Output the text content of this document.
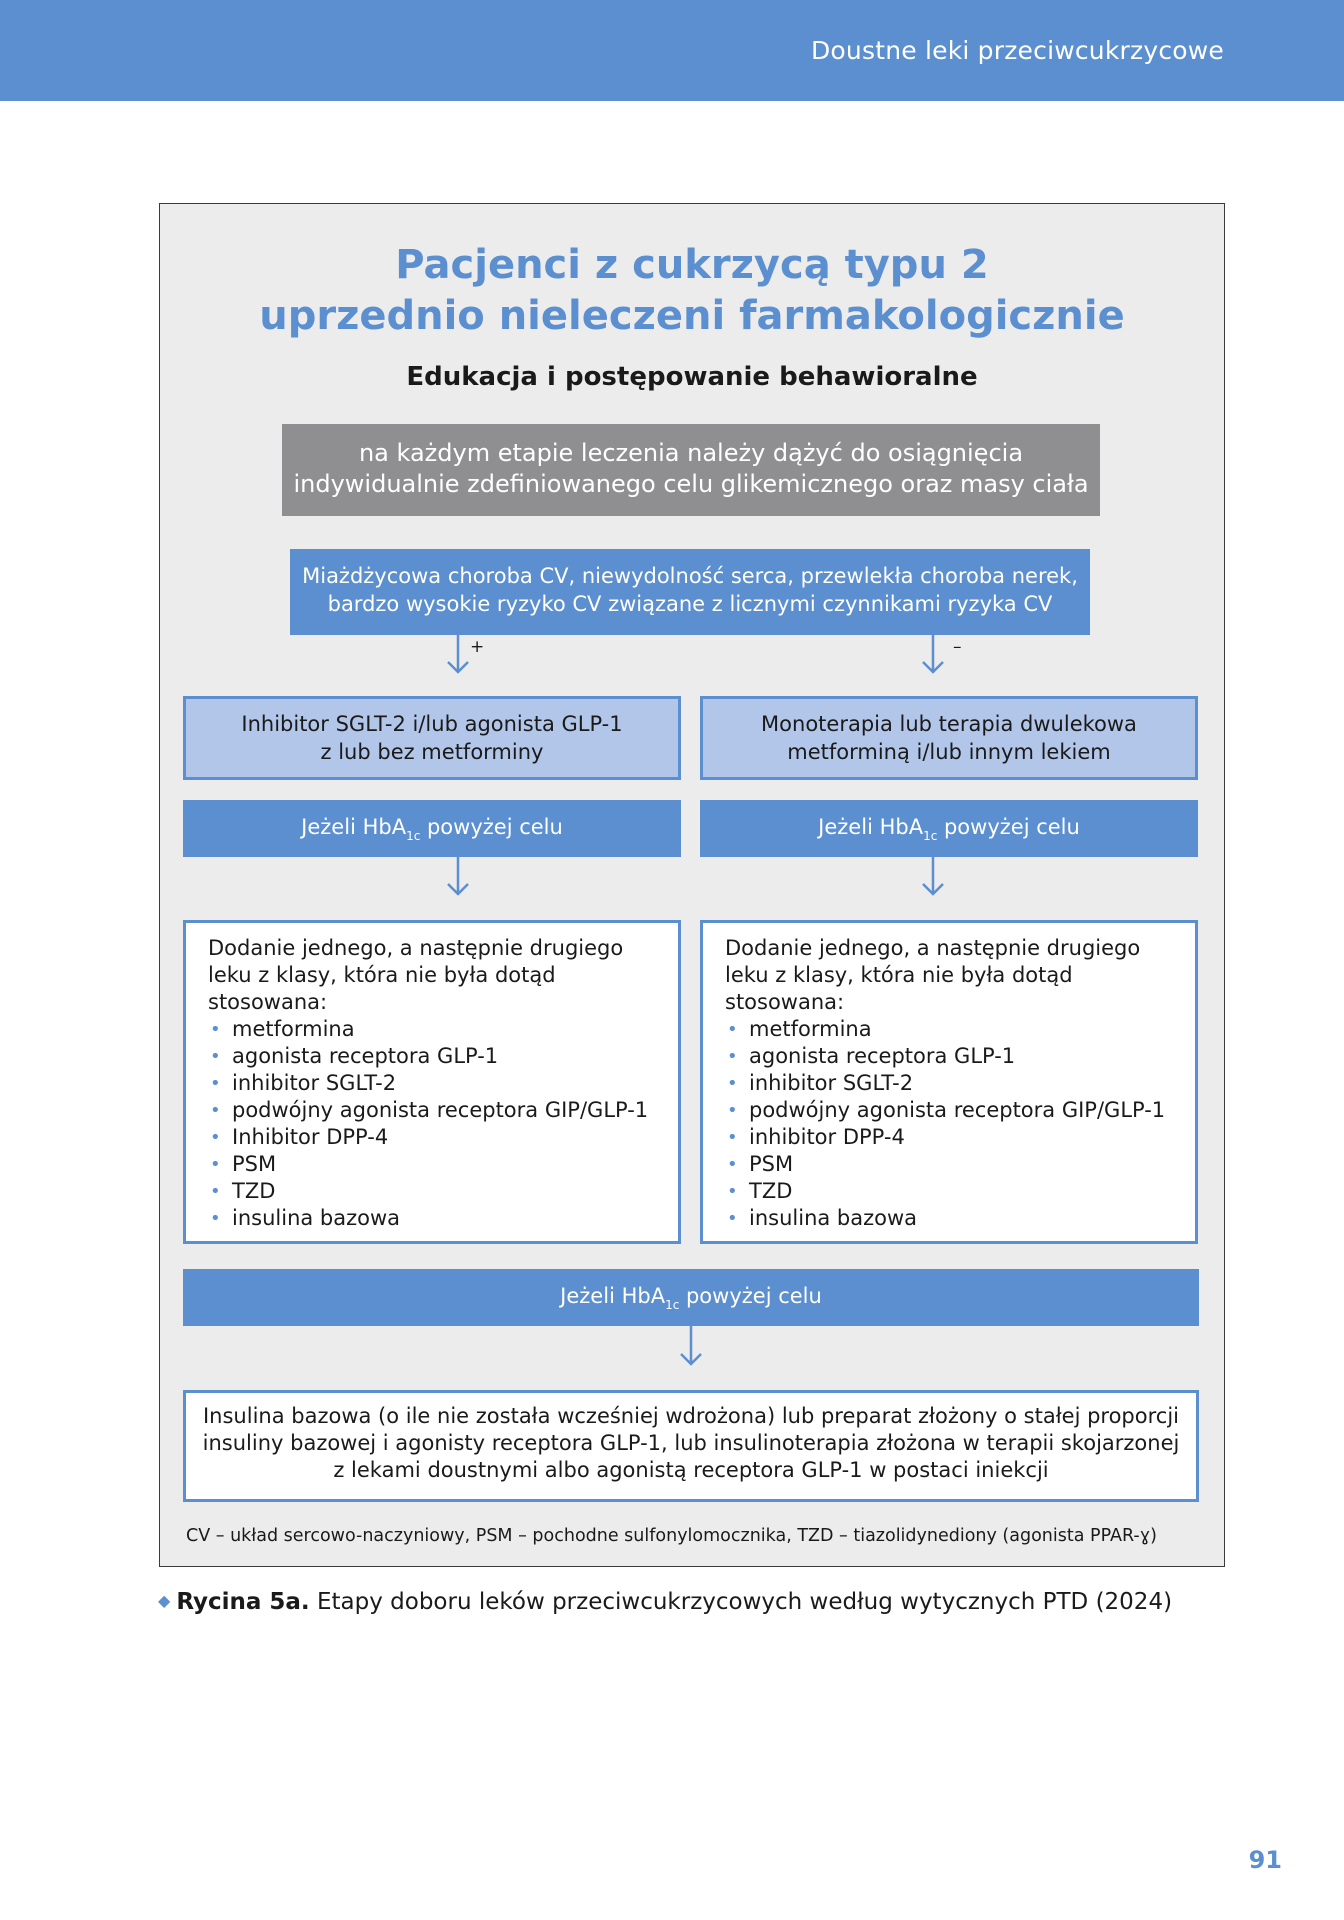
Doustne leki przeciwcukrzycowe
Pacjenci z cukrzycą typu 2
uprzednio nieleczeni farmakologicznie
Edukacja i postępowanie behawioralne
na każdym etapie leczenia należy dążyć do osiągnięcia
indywidualnie zdefiniowanego celu glikemicznego oraz masy ciała
Miażdżycowa choroba CV, niewydolność serca, przewlekła choroba nerek,
bardzo wysokie ryzyko CV związane z licznymi czynnikami ryzyka CV
+	–
Inhibitor SGLT-2 i/lub agonista GLP-1
z lub bez metforminy
Monoterapia lub terapia dwulekowa
metforminą i/lub innym lekiem
Jeżeli HbA$_{1c}$ powyżej celu	Jeżeli HbA$_{1c}$ powyżej celu
Dodanie jednego, a następnie drugiego
leku z klasy, która nie była dotąd
stosowana:
• metformina
• agonista receptora GLP-1
• inhibitor SGLT-2
• podwójny agonista receptora GIP/GLP-1
• Inhibitor DPP-4
• PSM
• TZD
• insulina bazowa
Dodanie jednego, a następnie drugiego
leku z klasy, która nie była dotąd
stosowana:
• metformina
• agonista receptora GLP-1
• inhibitor SGLT-2
• podwójny agonista receptora GIP/GLP-1
• inhibitor DPP-4
• PSM
• TZD
• insulina bazowa
Jeżeli HbA$_{1c}$ powyżej celu
Insulina bazowa (o ile nie została wcześniej wdrożona) lub preparat złożony o stałej proporcji
insuliny bazowej i agonisty receptora GLP-1, lub insulinoterapia złożona w terapii skojarzonej
z lekami doustnymi albo agonistą receptora GLP-1 w postaci iniekcji
CV – układ sercowo-naczyniowy, PSM – pochodne sulfonylomocznika, TZD – tiazolidynediony (agonista PPAR-ɣ)
◆ Rycina 5a. Etapy doboru leków przeciwcukrzycowych według wytycznych PTD (2024)
91
